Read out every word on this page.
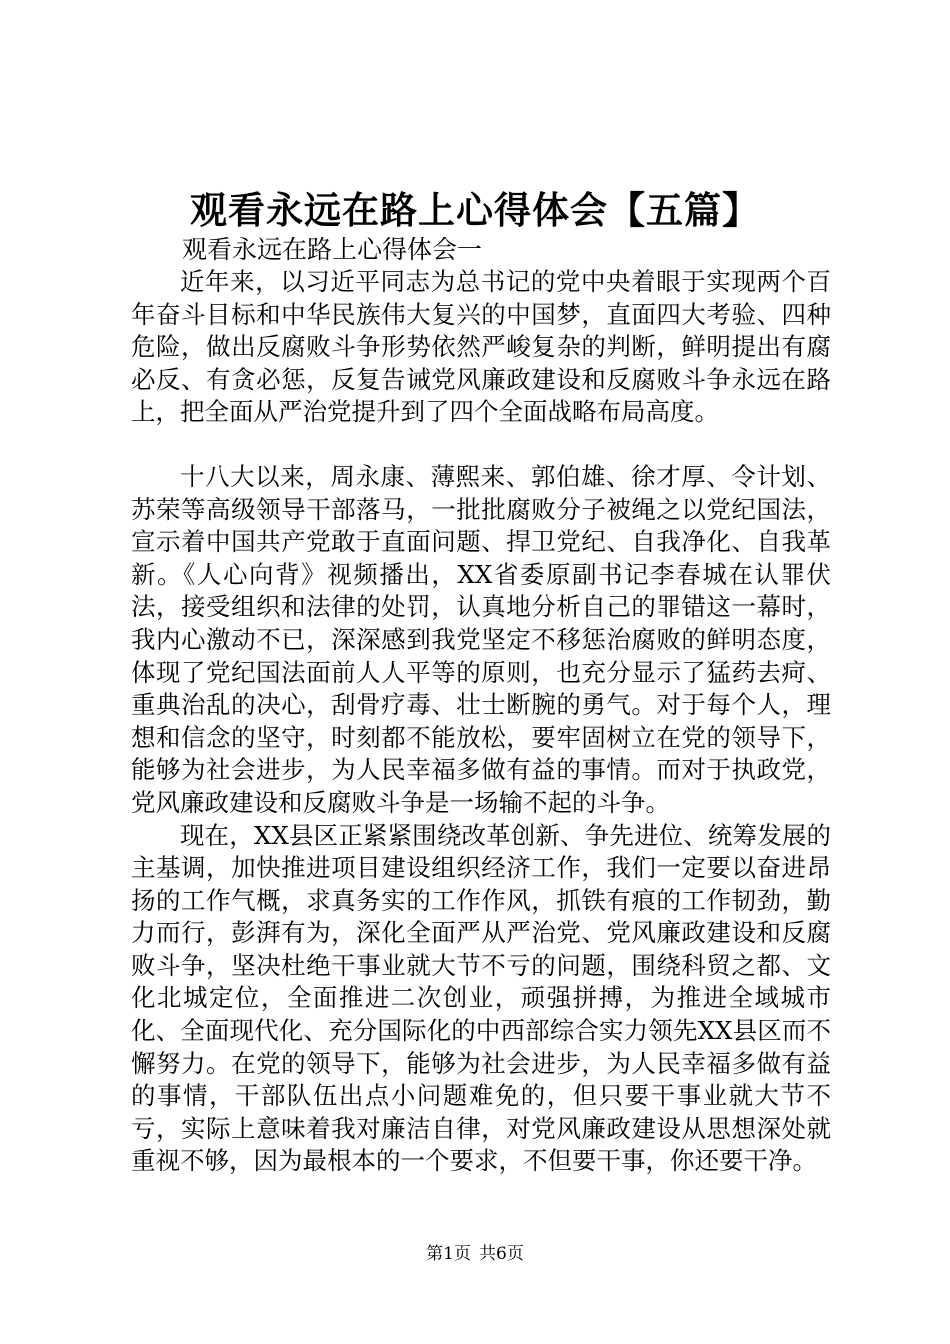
观看永远在路上心得体会【五篇】

观看永远在路上心得体会一

近年来，以习近平同志为总书记的党中央着眼于实现两个百年奋斗目标和中华民族伟大复兴的中国梦，直面四大考验、四种危险，做出反腐败斗争形势依然严峻复杂的判断，鲜明提出有腐必反、有贪必惩，反复告诫党风廉政建设和反腐败斗争永远在路上，把全面从严治党提升到了四个全面战略布局高度。

十八大以来，周永康、薄熙来、郭伯雄、徐才厚、令计划、苏荣等高级领导干部落马，一批批腐败分子被绳之以党纪国法，宣示着中国共产党敢于直面问题、捍卫党纪、自我净化、自我革新。《人心向背》视频播出，XX省委原副书记李春城在认罪伏法，接受组织和法律的处罚，认真地分析自己的罪错这一幕时，我内心激动不已，深深感到我党坚定不移惩治腐败的鲜明态度，体现了党纪国法面前人人平等的原则，也充分显示了猛药去疴、重典治乱的决心，刮骨疗毒、壮士断腕的勇气。对于每个人，理想和信念的坚守，时刻都不能放松，要牢固树立在党的领导下，能够为社会进步，为人民幸福多做有益的事情。而对于执政党，党风廉政建设和反腐败斗争是一场输不起的斗争。

现在，XX县区正紧紧围绕改革创新、争先进位、统筹发展的主基调，加快推进项目建设组织经济工作，我们一定要以奋进昂扬的工作气概，求真务实的工作作风，抓铁有痕的工作韧劲，勤力而行，彭湃有为，深化全面严从严治党、党风廉政建设和反腐败斗争，坚决杜绝干事业就大节不亏的问题，围绕科贸之都、文化北城定位，全面推进二次创业，顽强拼搏，为推进全域城市化、全面现代化、充分国际化的中西部综合实力领先XX县区而不懈努力。在党的领导下，能够为社会进步，为人民幸福多做有益的事情，干部队伍出点小问题难免的，但只要干事业就大节不亏，实际上意味着我对廉洁自律，对党风廉政建设从思想深处就重视不够，因为最根本的一个要求，不但要干事，你还要干净。

第1页 共6页
